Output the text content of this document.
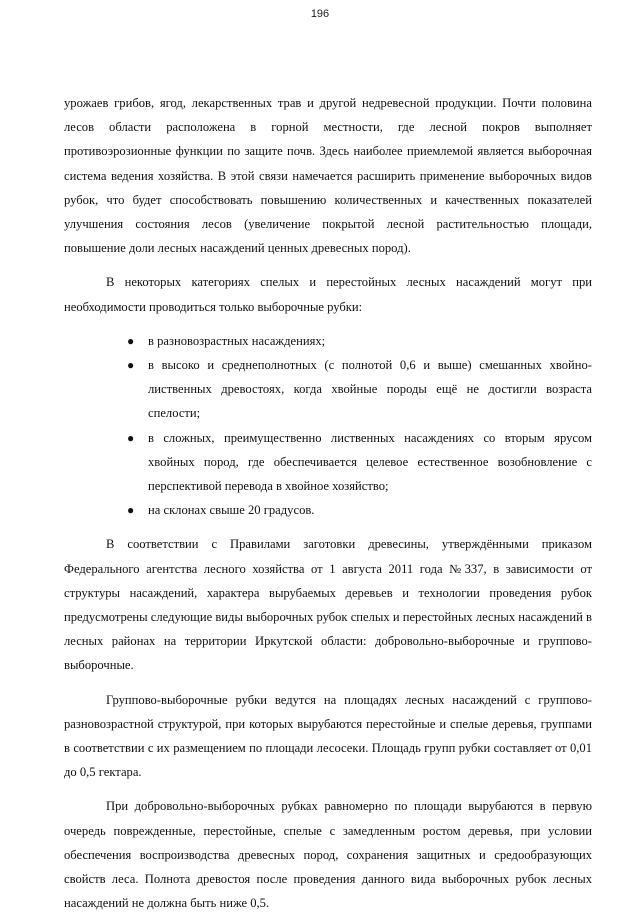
196

урожаев грибов, ягод, лекарственных трав и другой недревесной продукции. Почти половина лесов области расположена в горной местности, где лесной покров выполняет противоэрозионные функции по защите почв. Здесь наиболее приемлемой является выборочная система ведения хозяйства. В этой связи намечается расширить применение выборочных видов рубок, что будет способствовать повышению количественных и качественных показателей улучшения состояния лесов (увеличение покрытой лесной растительностью площади, повышение доли лесных насаждений ценных древесных пород).

В некоторых категориях спелых и перестойных лесных насаждений могут при необходимости проводиться только выборочные рубки:

● в разновозрастных насаждениях;
● в высоко и среднеполнотных (с полнотой 0,6 и выше) смешанных хвойно-лиственных древостоях, когда хвойные породы ещё не достигли возраста спелости;
● в сложных, преимущественно лиственных насаждениях со вторым ярусом хвойных пород, где обеспечивается целевое естественное возобновление с перспективой перевода в хвойное хозяйство;
● на склонах свыше 20 градусов.

В соответствии с Правилами заготовки древесины, утверждёнными приказом Федерального агентства лесного хозяйства от 1 августа 2011 года №337, в зависимости от структуры насаждений, характера вырубаемых деревьев и технологии проведения рубок предусмотрены следующие виды выборочных рубок спелых и перестойных лесных насаждений в лесных районах на территории Иркутской области: добровольно-выборочные и группово-выборочные.

Группово-выборочные рубки ведутся на площадях лесных насаждений с группово-разновозрастной структурой, при которых вырубаются перестойные и спелые деревья, группами в соответствии с их размещением по площади лесосеки. Площадь групп рубки составляет от 0,01 до 0,5 гектара.

При добровольно-выборочных рубках равномерно по площади вырубаются в первую очередь поврежденные, перестойные, спелые с замедленным ростом деревья, при условии обеспечения воспроизводства древесных пород, сохранения защитных и средообразующих свойств леса. Полнота древостоя после проведения данного вида выборочных рубок лесных насаждений не должна быть ниже 0,5.
